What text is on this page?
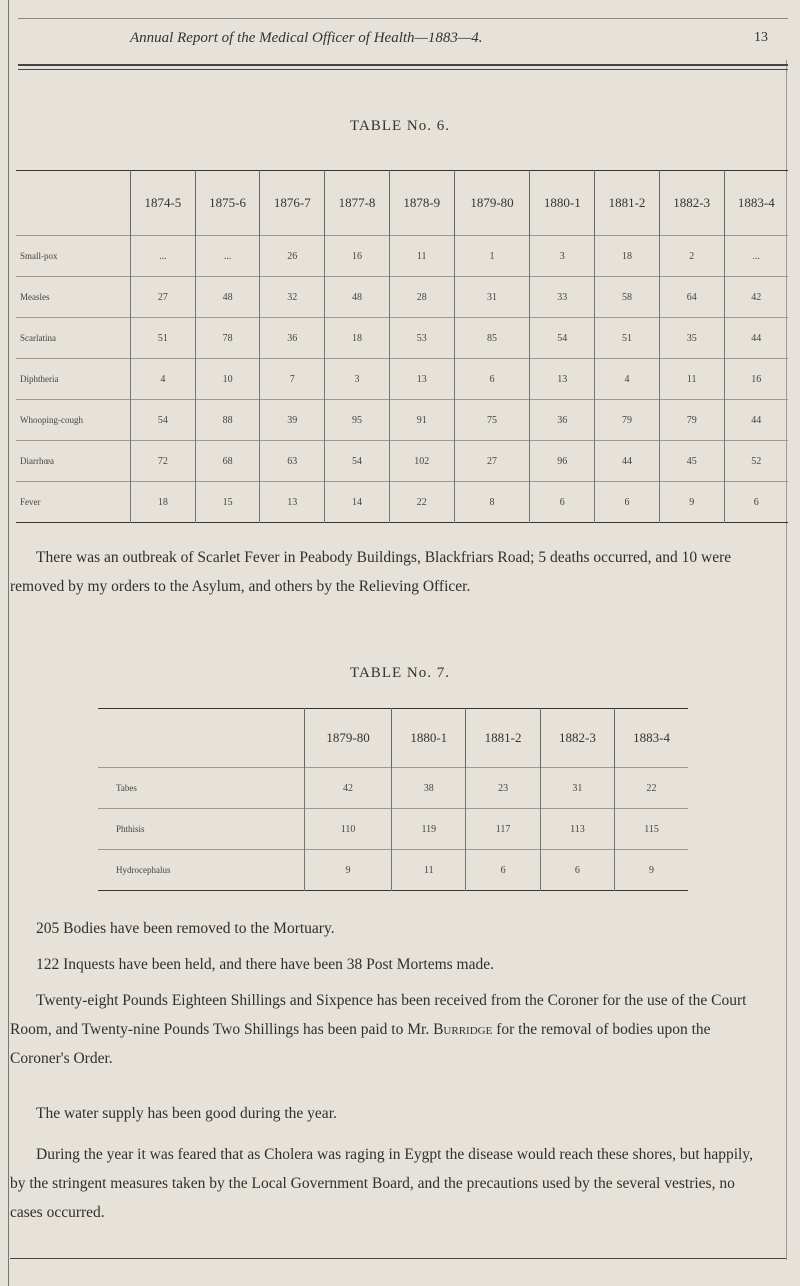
Annual Report of the Medical Officer of Health—1883—4.	13
TABLE No. 6.
	1874-5	1875-6	1876-7	1877-8	1878-9	1879-80	1880-1	1881-2	1882-3	1883-4
Small-pox	...	...	26	16	11	1	3	18	2	...
Measles	27	48	32	48	28	31	33	58	64	42
Scarlatina	51	78	36	18	53	85	54	51	35	44
Diphtheria	4	10	7	3	13	6	13	4	11	16
Whooping-cough	54	88	39	95	91	75	36	79	79	44
Diarrhœa	72	68	63	54	102	27	96	44	45	52
Fever	18	15	13	14	22	8	6	6	9	6
There was an outbreak of Scarlet Fever in Peabody Buildings, Blackfriars Road; 5 deaths occurred, and 10 were removed by my orders to the Asylum, and others by the Relieving Officer.
TABLE No. 7.
	1879-80	1880-1	1881-2	1882-3	1883-4
Tabes	42	38	23	31	22
Phthisis	110	119	117	113	115
Hydrocephalus	9	11	6	6	9
205 Bodies have been removed to the Mortuary.
122 Inquests have been held, and there have been 38 Post Mortems made.
Twenty-eight Pounds Eighteen Shillings and Sixpence has been received from the Coroner for the use of the Court Room, and Twenty-nine Pounds Two Shillings has been paid to Mr. Burridge for the removal of bodies upon the Coroner's Order.
The water supply has been good during the year.
During the year it was feared that as Cholera was raging in Eygpt the disease would reach these shores, but happily, by the stringent measures taken by the Local Government Board, and the precautions used by the several vestries, no cases occurred.
